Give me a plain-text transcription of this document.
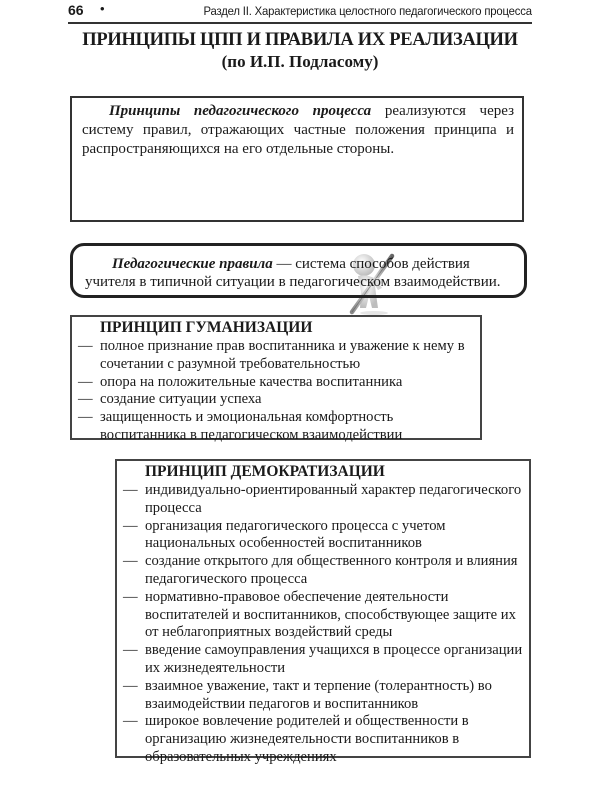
66 •	Раздел II. Характеристика целостного педагогического процесса
ПРИНЦИПЫ ЦПП И ПРАВИЛА ИХ РЕАЛИЗАЦИИ
(по И.П. Подласому)

Принципы педагогического процесса реализуются через систему правил, отражающих частные положения принципа и распространяющихся на его отдельные стороны.

Педагогические правила — система способов действия учителя в типичной ситуации в педагогическом взаимодействии.

ПРИНЦИП ГУМАНИЗАЦИИ
— полное признание прав воспитанника и уважение к нему в сочетании с разумной требовательностью
— опора на положительные качества воспитанника
— создание ситуации успеха
— защищенность и эмоциональная комфортность воспитанника в педагогическом взаимодействии
ПРИНЦИП ДЕМОКРАТИЗАЦИИ
— индивидуально-ориентированный характер педагогического процесса
— организация педагогического процесса с учетом национальных особенностей воспитанников
— создание открытого для общественного контроля и влияния педагогического процесса
— нормативно-правовое обеспечение деятельности воспитателей и воспитанников, способствующее защите их от неблагоприятных воздействий среды
— введение самоуправления учащихся в процессе организации их жизнедеятельности
— взаимное уважение, такт и терпение (толерантность) во взаимодействии педагогов и воспитанников
— широкое вовлечение родителей и общественности в организацию жизнедеятельности воспитанников в образовательных учреждениях
